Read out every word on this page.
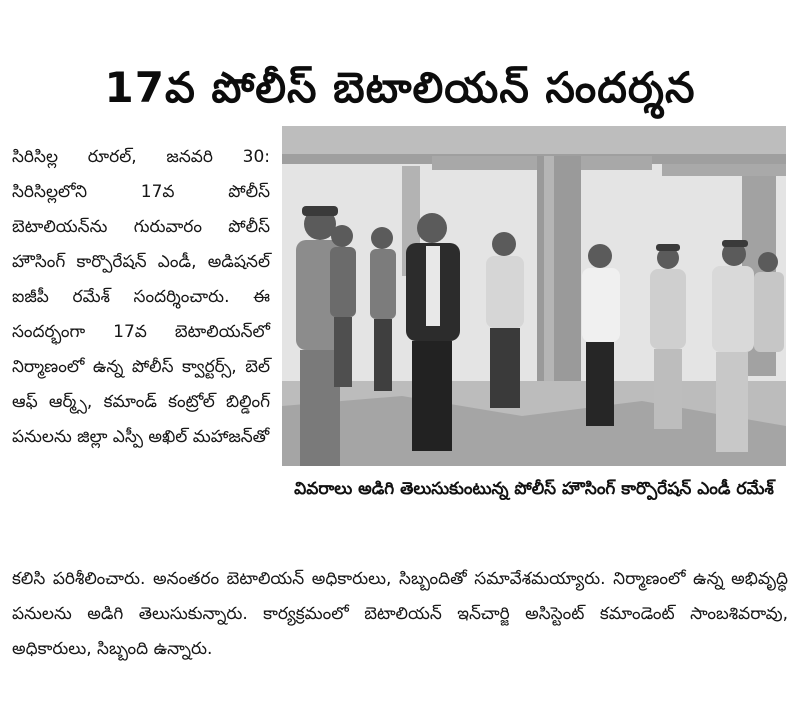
17వ పోలీస్ బెటాలియన్ సందర్శన
సిరిసిల్ల రూరల్, జనవరి 30: సిరిసిల్లలోని 17వ పోలీస్ బెటాలియన్‌ను గురువారం పోలీస్ హౌసింగ్ కార్పొరేషన్ ఎండీ, అడిషనల్ ఐజీపీ రమేశ్ సందర్శించారు. ఈ సందర్భంగా 17వ బెటాలియన్‌లో నిర్మాణంలో ఉన్న పోలీస్ క్వార్టర్స్, బెల్ ఆఫ్ ఆర్మ్స్, కమాండ్ కంట్రోల్ బిల్డింగ్ పనులను జిల్లా ఎస్పీ అఖిల్ మహాజన్‌తో
వివరాలు అడిగి తెలుసుకుంటున్న పోలీస్ హౌసింగ్ కార్పొరేషన్ ఎండీ రమేశ్
కలిసి పరిశీలించారు. అనంతరం బెటాలియన్ అధికారులు, సిబ్బందితో సమావేశమయ్యారు. నిర్మాణంలో ఉన్న అభివృద్ధి పనులను అడిగి తెలుసుకున్నారు. కార్యక్రమంలో బెటాలియన్ ఇన్‌చార్జి అసిస్టెంట్ కమాండెంట్ సాంబశివరావు, అధికారులు, సిబ్బంది ఉన్నారు.
